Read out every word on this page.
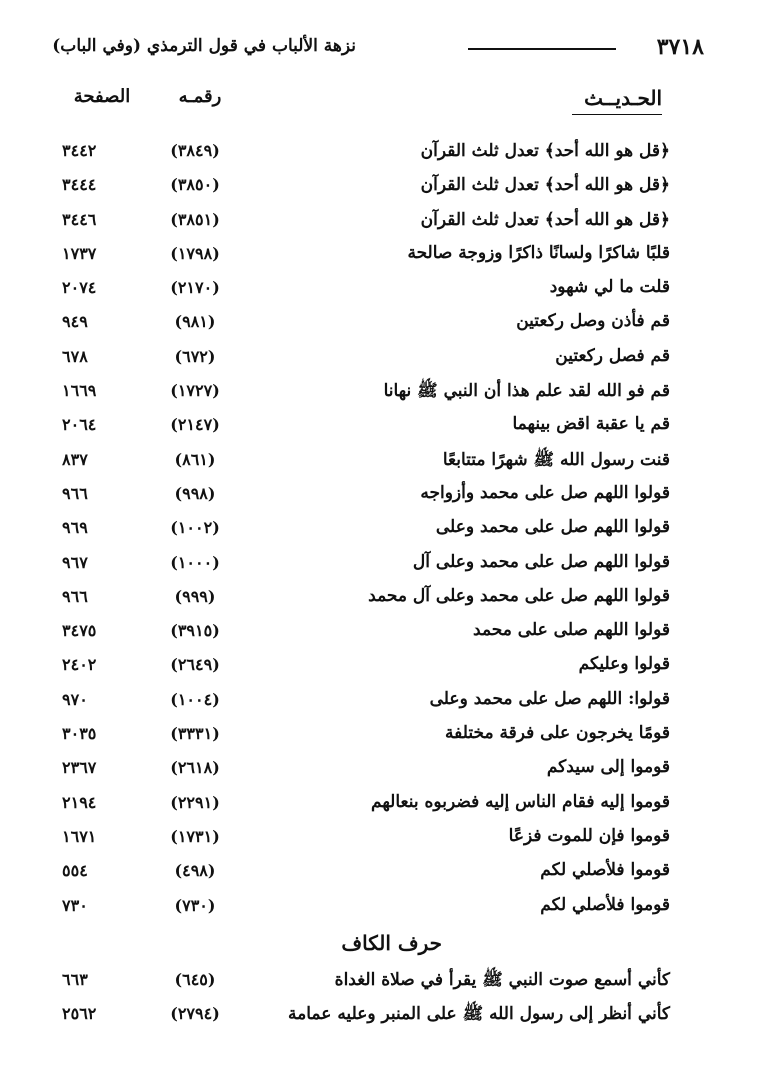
٣٧١٨
نزهة الألباب في قول الترمذي (وفي الباب)
الحـديــث
رقمـه
الصفحة
﴿قل هو الله أحد﴾ تعدل ثلث القرآن
(٣٨٤٩)
٣٤٤٢
﴿قل هو الله أحد﴾ تعدل ثلث القرآن
(٣٨٥٠)
٣٤٤٤
﴿قل هو الله أحد﴾ تعدل ثلث القرآن
(٣٨٥١)
٣٤٤٦
قلبًا شاكرًا ولسانًا ذاكرًا وزوجة صالحة
(١٧٩٨)
١٧٣٧
قلت ما لي شهود
(٢١٧٠)
٢٠٧٤
قم فأذن وصل ركعتين
(٩٨١)
٩٤٩
قم فصل ركعتين
(٦٧٢)
٦٧٨
قم فو الله لقد علم هذا أن النبي ﷺ نهانا
(١٧٢٧)
١٦٦٩
قم يا عقبة اقض بينهما
(٢١٤٧)
٢٠٦٤
قنت رسول الله ﷺ شهرًا متتابعًا
(٨٦١)
٨٣٧
قولوا اللهم صل على محمد وأزواجه
(٩٩٨)
٩٦٦
قولوا اللهم صل على محمد وعلى
(١٠٠٢)
٩٦٩
قولوا اللهم صل على محمد وعلى آل
(١٠٠٠)
٩٦٧
قولوا اللهم صل على محمد وعلى آل محمد
(٩٩٩)
٩٦٦
قولوا اللهم صلى على محمد
(٣٩١٥)
٣٤٧٥
قولوا وعليكم
(٢٦٤٩)
٢٤٠٢
قولوا: اللهم صل على محمد وعلى
(١٠٠٤)
٩٧٠
قومًا يخرجون على فرقة مختلفة
(٣٣٣١)
٣٠٣٥
قوموا إلى سيدكم
(٢٦١٨)
٢٣٦٧
قوموا إليه فقام الناس إليه فضربوه بنعالهم
(٢٢٩١)
٢١٩٤
قوموا فإن للموت فزعًا
(١٧٣١)
١٦٧١
قوموا فلأصلي لكم
(٤٩٨)
٥٥٤
قوموا فلأصلي لكم
(٧٣٠)
٧٣٠
حرف الكاف
كأني أسمع صوت النبي ﷺ يقرأ في صلاة الغداة
(٦٤٥)
٦٦٣
كأني أنظر إلى رسول الله ﷺ على المنبر وعليه عمامة
(٢٧٩٤)
٢٥٦٢
